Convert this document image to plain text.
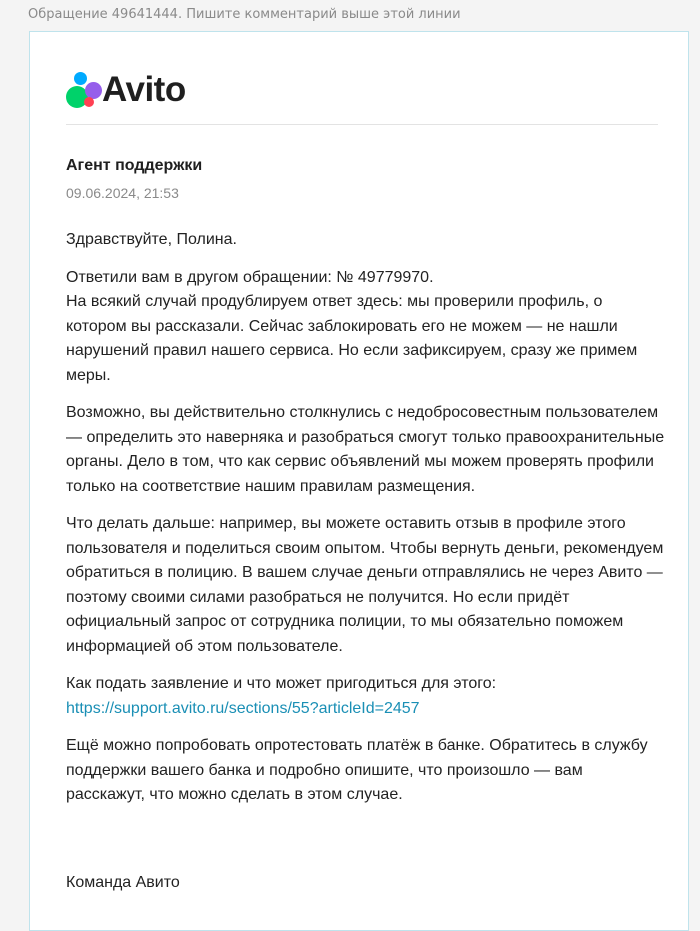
Обращение 49641444. Пишите комментарий выше этой линии
Avito
Агент поддержки
09.06.2024, 21:53

Здравствуйте, Полина.

Ответили вам в другом обращении: № 49779970.
На всякий случай продублируем ответ здесь: мы проверили профиль, о котором вы рассказали. Сейчас заблокировать его не можем — не нашли нарушений правил нашего сервиса. Но если зафиксируем, сразу же примем меры.

Возможно, вы действительно столкнулись с недобросовестным пользователем — определить это наверняка и разобраться смогут только правоохранительные органы. Дело в том, что как сервис объявлений мы можем проверять профили только на соответствие нашим правилам размещения.

Что делать дальше: например, вы можете оставить отзыв в профиле этого пользователя и поделиться своим опытом. Чтобы вернуть деньги, рекомендуем обратиться в полицию. В вашем случае деньги отправлялись не через Авито — поэтому своими силами разобраться не получится. Но если придёт официальный запрос от сотрудника полиции, то мы обязательно поможем информацией об этом пользователе.

Как подать заявление и что может пригодиться для этого:
https://support.avito.ru/sections/55?articleId=2457

Ещё можно попробовать опротестовать платёж в банке. Обратитесь в службу поддержки вашего банка и подробно опишите, что произошло — вам расскажут, что можно сделать в этом случае.

Команда Авито
